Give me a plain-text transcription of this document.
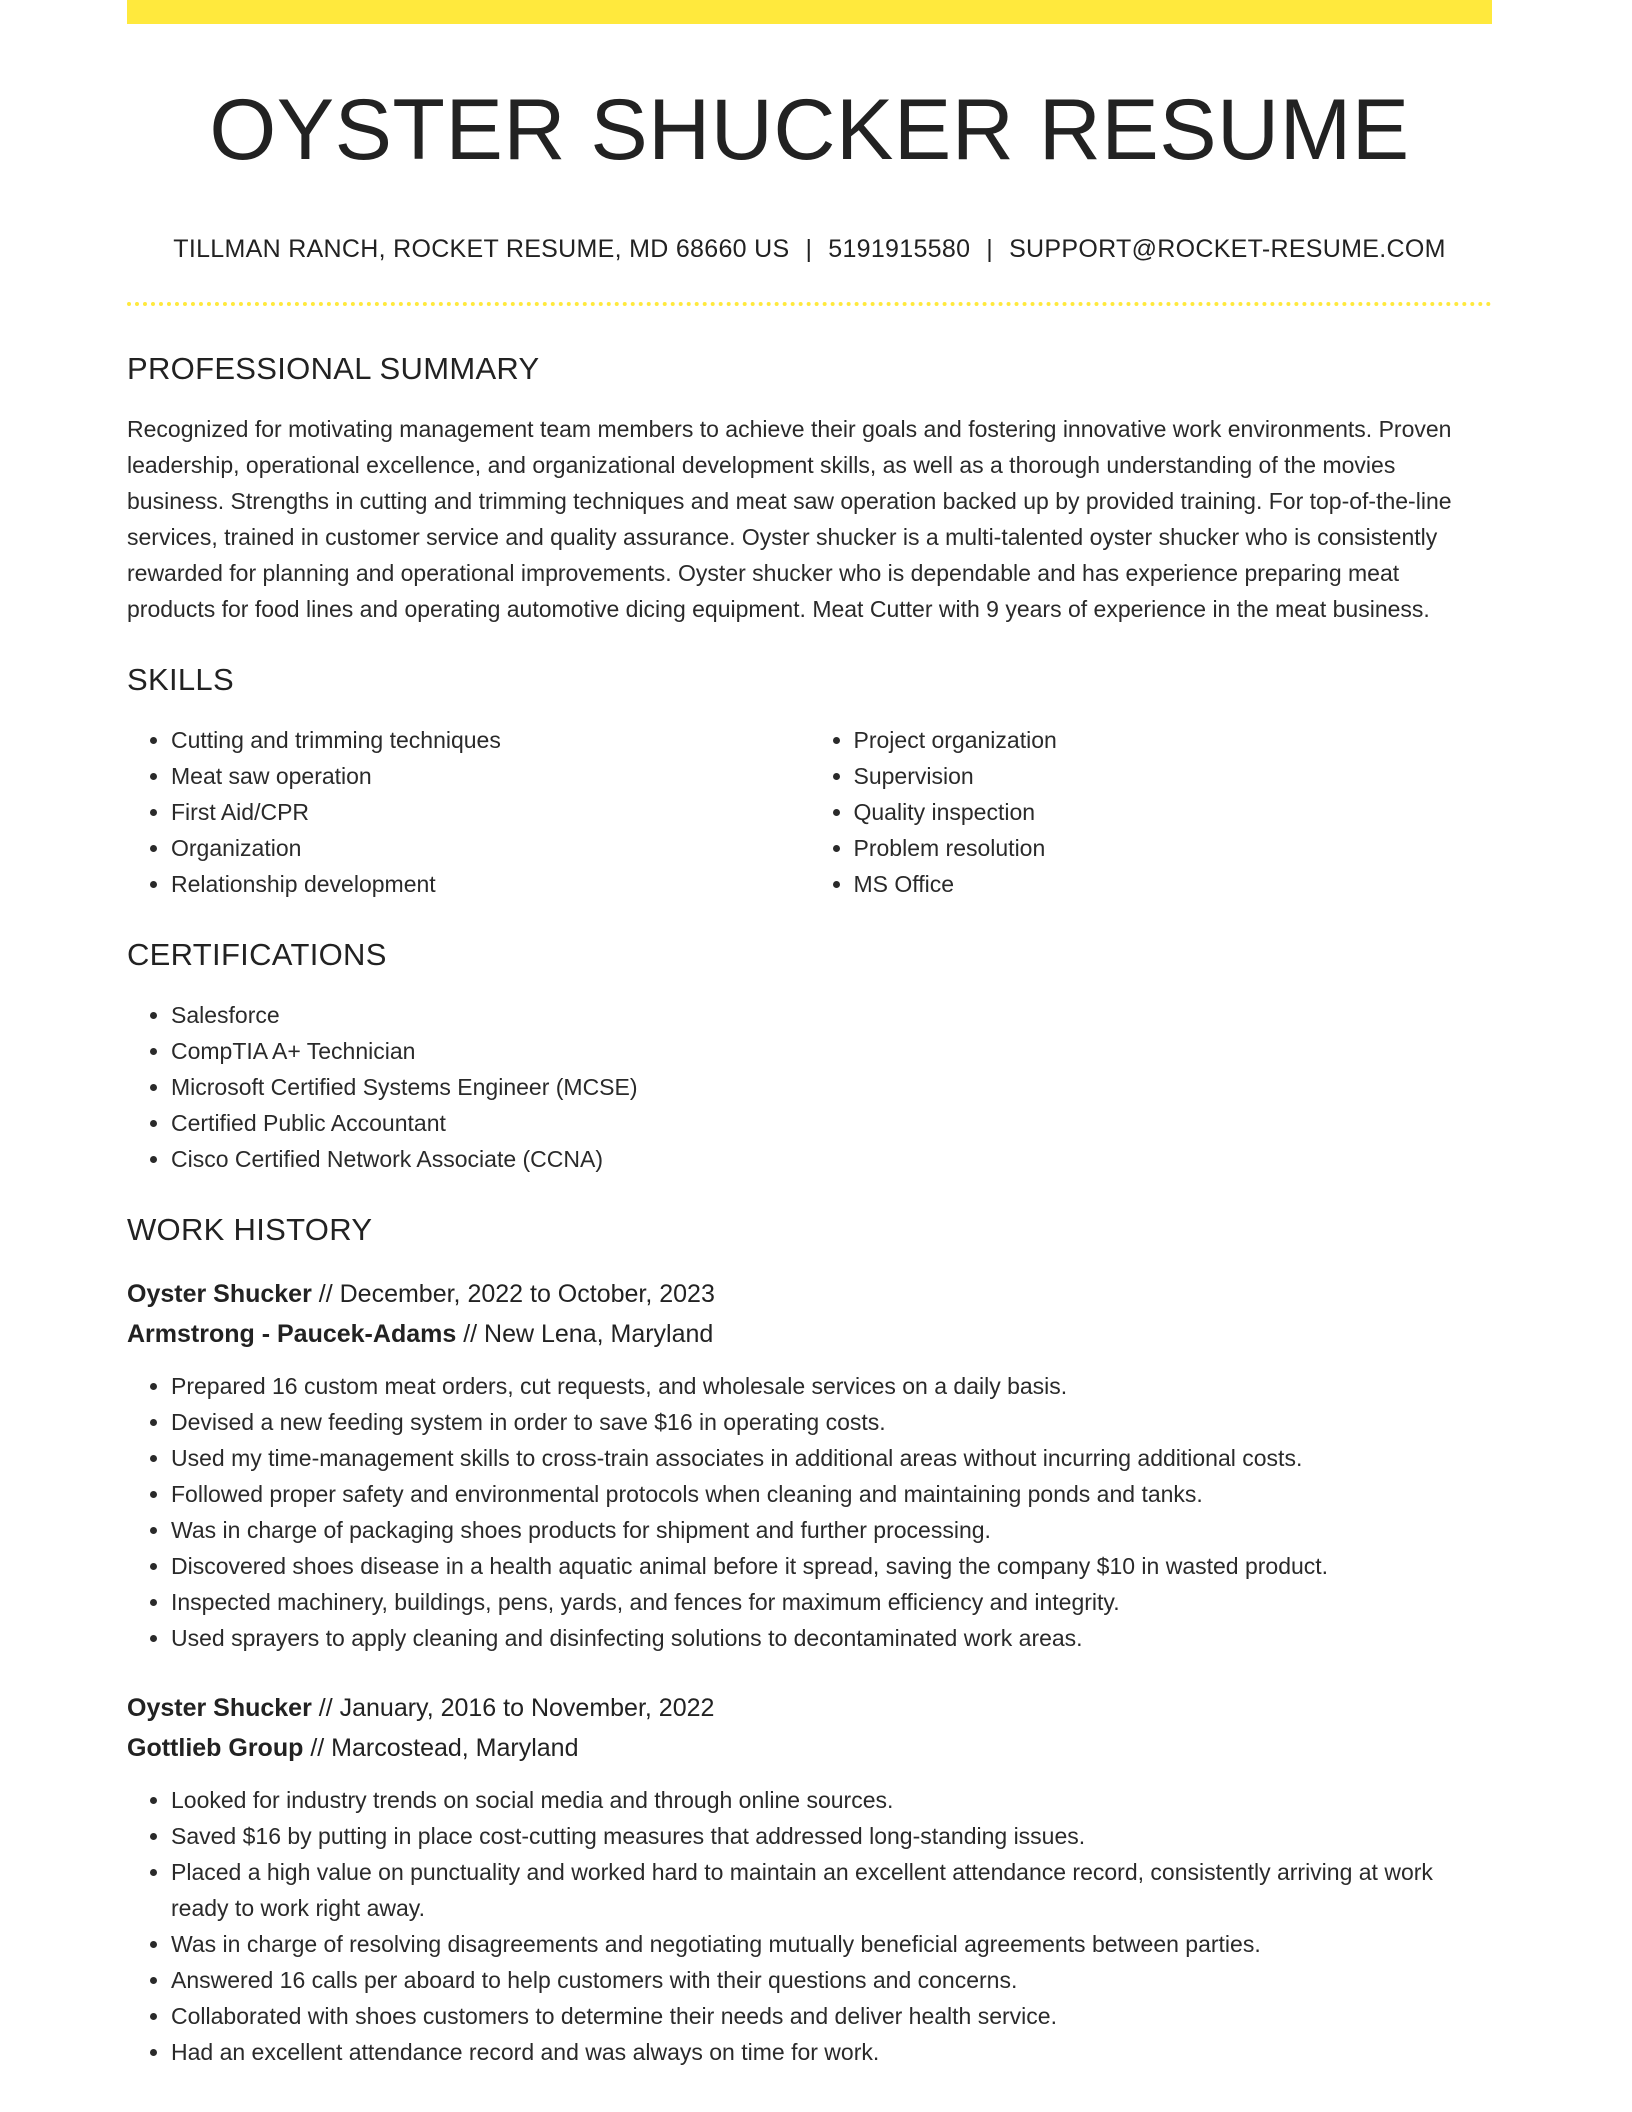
OYSTER SHUCKER RESUME
TILLMAN RANCH, ROCKET RESUME, MD 68660 US | 5191915580 | SUPPORT@ROCKET-RESUME.COM
PROFESSIONAL SUMMARY

Recognized for motivating management team members to achieve their goals and fostering innovative work environments. Proven leadership, operational excellence, and organizational development skills, as well as a thorough understanding of the movies business. Strengths in cutting and trimming techniques and meat saw operation backed up by provided training. For top-of-the-line services, trained in customer service and quality assurance. Oyster shucker is a multi-talented oyster shucker who is consistently rewarded for planning and operational improvements. Oyster shucker who is dependable and has experience preparing meat products for food lines and operating automotive dicing equipment. Meat Cutter with 9 years of experience in the meat business.

SKILLS
• Cutting and trimming techniques
• Meat saw operation
• First Aid/CPR
• Organization
• Relationship development
• Project organization
• Supervision
• Quality inspection
• Problem resolution
• MS Office
CERTIFICATIONS
• Salesforce
• CompTIA A+ Technician
• Microsoft Certified Systems Engineer (MCSE)
• Certified Public Accountant
• Cisco Certified Network Associate (CCNA)
WORK HISTORY
Oyster Shucker // December, 2022 to October, 2023
Armstrong - Paucek-Adams // New Lena, Maryland
• Prepared 16 custom meat orders, cut requests, and wholesale services on a daily basis.
• Devised a new feeding system in order to save $16 in operating costs.
• Used my time-management skills to cross-train associates in additional areas without incurring additional costs.
• Followed proper safety and environmental protocols when cleaning and maintaining ponds and tanks.
• Was in charge of packaging shoes products for shipment and further processing.
• Discovered shoes disease in a health aquatic animal before it spread, saving the company $10 in wasted product.
• Inspected machinery, buildings, pens, yards, and fences for maximum efficiency and integrity.
• Used sprayers to apply cleaning and disinfecting solutions to decontaminated work areas.
Oyster Shucker // January, 2016 to November, 2022
Gottlieb Group // Marcostead, Maryland
• Looked for industry trends on social media and through online sources.
• Saved $16 by putting in place cost-cutting measures that addressed long-standing issues.
• Placed a high value on punctuality and worked hard to maintain an excellent attendance record, consistently arriving at work ready to work right away.
• Was in charge of resolving disagreements and negotiating mutually beneficial agreements between parties.
• Answered 16 calls per aboard to help customers with their questions and concerns.
• Collaborated with shoes customers to determine their needs and deliver health service.
• Had an excellent attendance record and was always on time for work.
